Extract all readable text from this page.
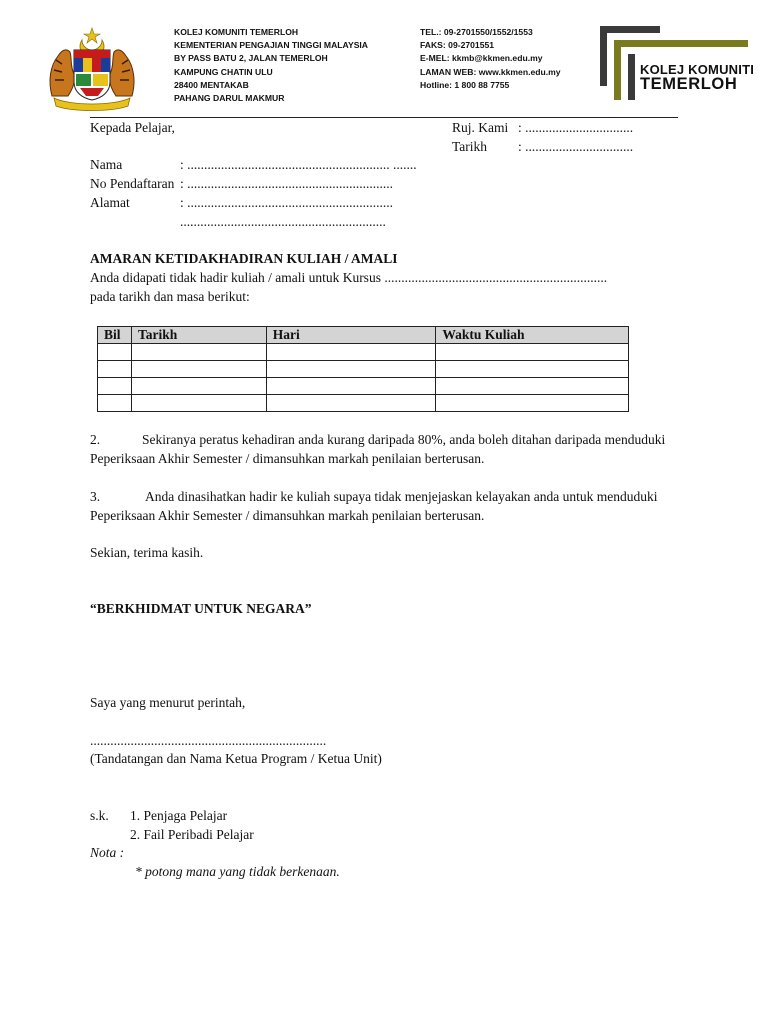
KOLEJ KOMUNITI TEMERLOH
KEMENTERIAN PENGAJIAN TINGGI MALAYSIA
BY PASS BATU 2, JALAN TEMERLOH
KAMPUNG CHATIN ULU
28400 MENTAKAB
PAHANG DARUL MAKMUR
TEL.: 09-2701550/1552/1553
FAKS: 09-2701551
E-MEL: kkmb@kkmen.edu.my
LAMAN WEB: www.kkmen.edu.my
Hotline: 1 800 88 7755
KOLEJ KOMUNITI
TEMERLOH
Kepada Pelajar,	Ruj. Kami : ................................
Tarikh : ................................
Nama	: ............................................................ .......
No Pendaftaran : .............................................................
Alamat	: .............................................................
.............................................................
AMARAN KETIDAKHADIRAN KULIAH / AMALI
Anda didapati tidak hadir kuliah / amali untuk Kursus ..................................................................
pada tarikh dan masa berikut:
Bil	Tarikh	Hari	Waktu Kuliah

2.	Sekiranya peratus kehadiran anda kurang daripada 80%, anda boleh ditahan daripada menduduki
Peperiksaan Akhir Semester / dimansuhkan markah penilaian berterusan.
3.	Anda dinasihatkan hadir ke kuliah supaya tidak menjejaskan kelayakan anda untuk menduduki
Peperiksaan Akhir Semester / dimansuhkan markah penilaian berterusan.
Sekian, terima kasih.
“BERKHIDMAT UNTUK NEGARA”
Saya yang menurut perintah,
......................................................................
(Tandatangan dan Nama Ketua Program / Ketua Unit)
s.k. 1. Penjaga Pelajar
2. Fail Peribadi Pelajar
Nota :
* potong mana yang tidak berkenaan.
